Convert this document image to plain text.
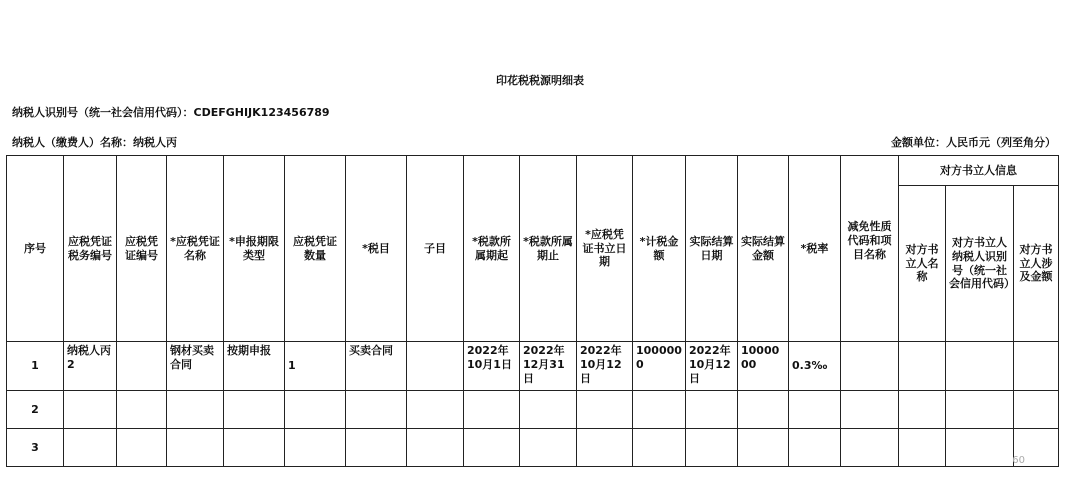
印花税税源明细表
纳税人识别号（统一社会信用代码）：CDEFGHIJK123456789
纳税人（缴费人）名称：纳税人丙	金额单位：人民币元（列至角分）
序号	应税凭证税务编号	应税凭证编号	*应税凭证名称	*申报期限类型	应税凭证数量	*税目	子目	*税款所属期起	*税款所属期止	*应税凭证书立日期	*计税金额	实际结算日期	实际结算金额	*税率	减免性质代码和项目名称	对方书立人信息		
																对方书立人名称	对方书立人纳税人识别号（统一社会信用代码）	对方书立人涉及金额
1	纳税人丙2		钢材买卖合同	按期申报	1	买卖合同		2022年10月1日	2022年12月31日	2022年10月12日	1000000	2022年10月12日	1000000	0.3‰				
2																		
3																		
60
